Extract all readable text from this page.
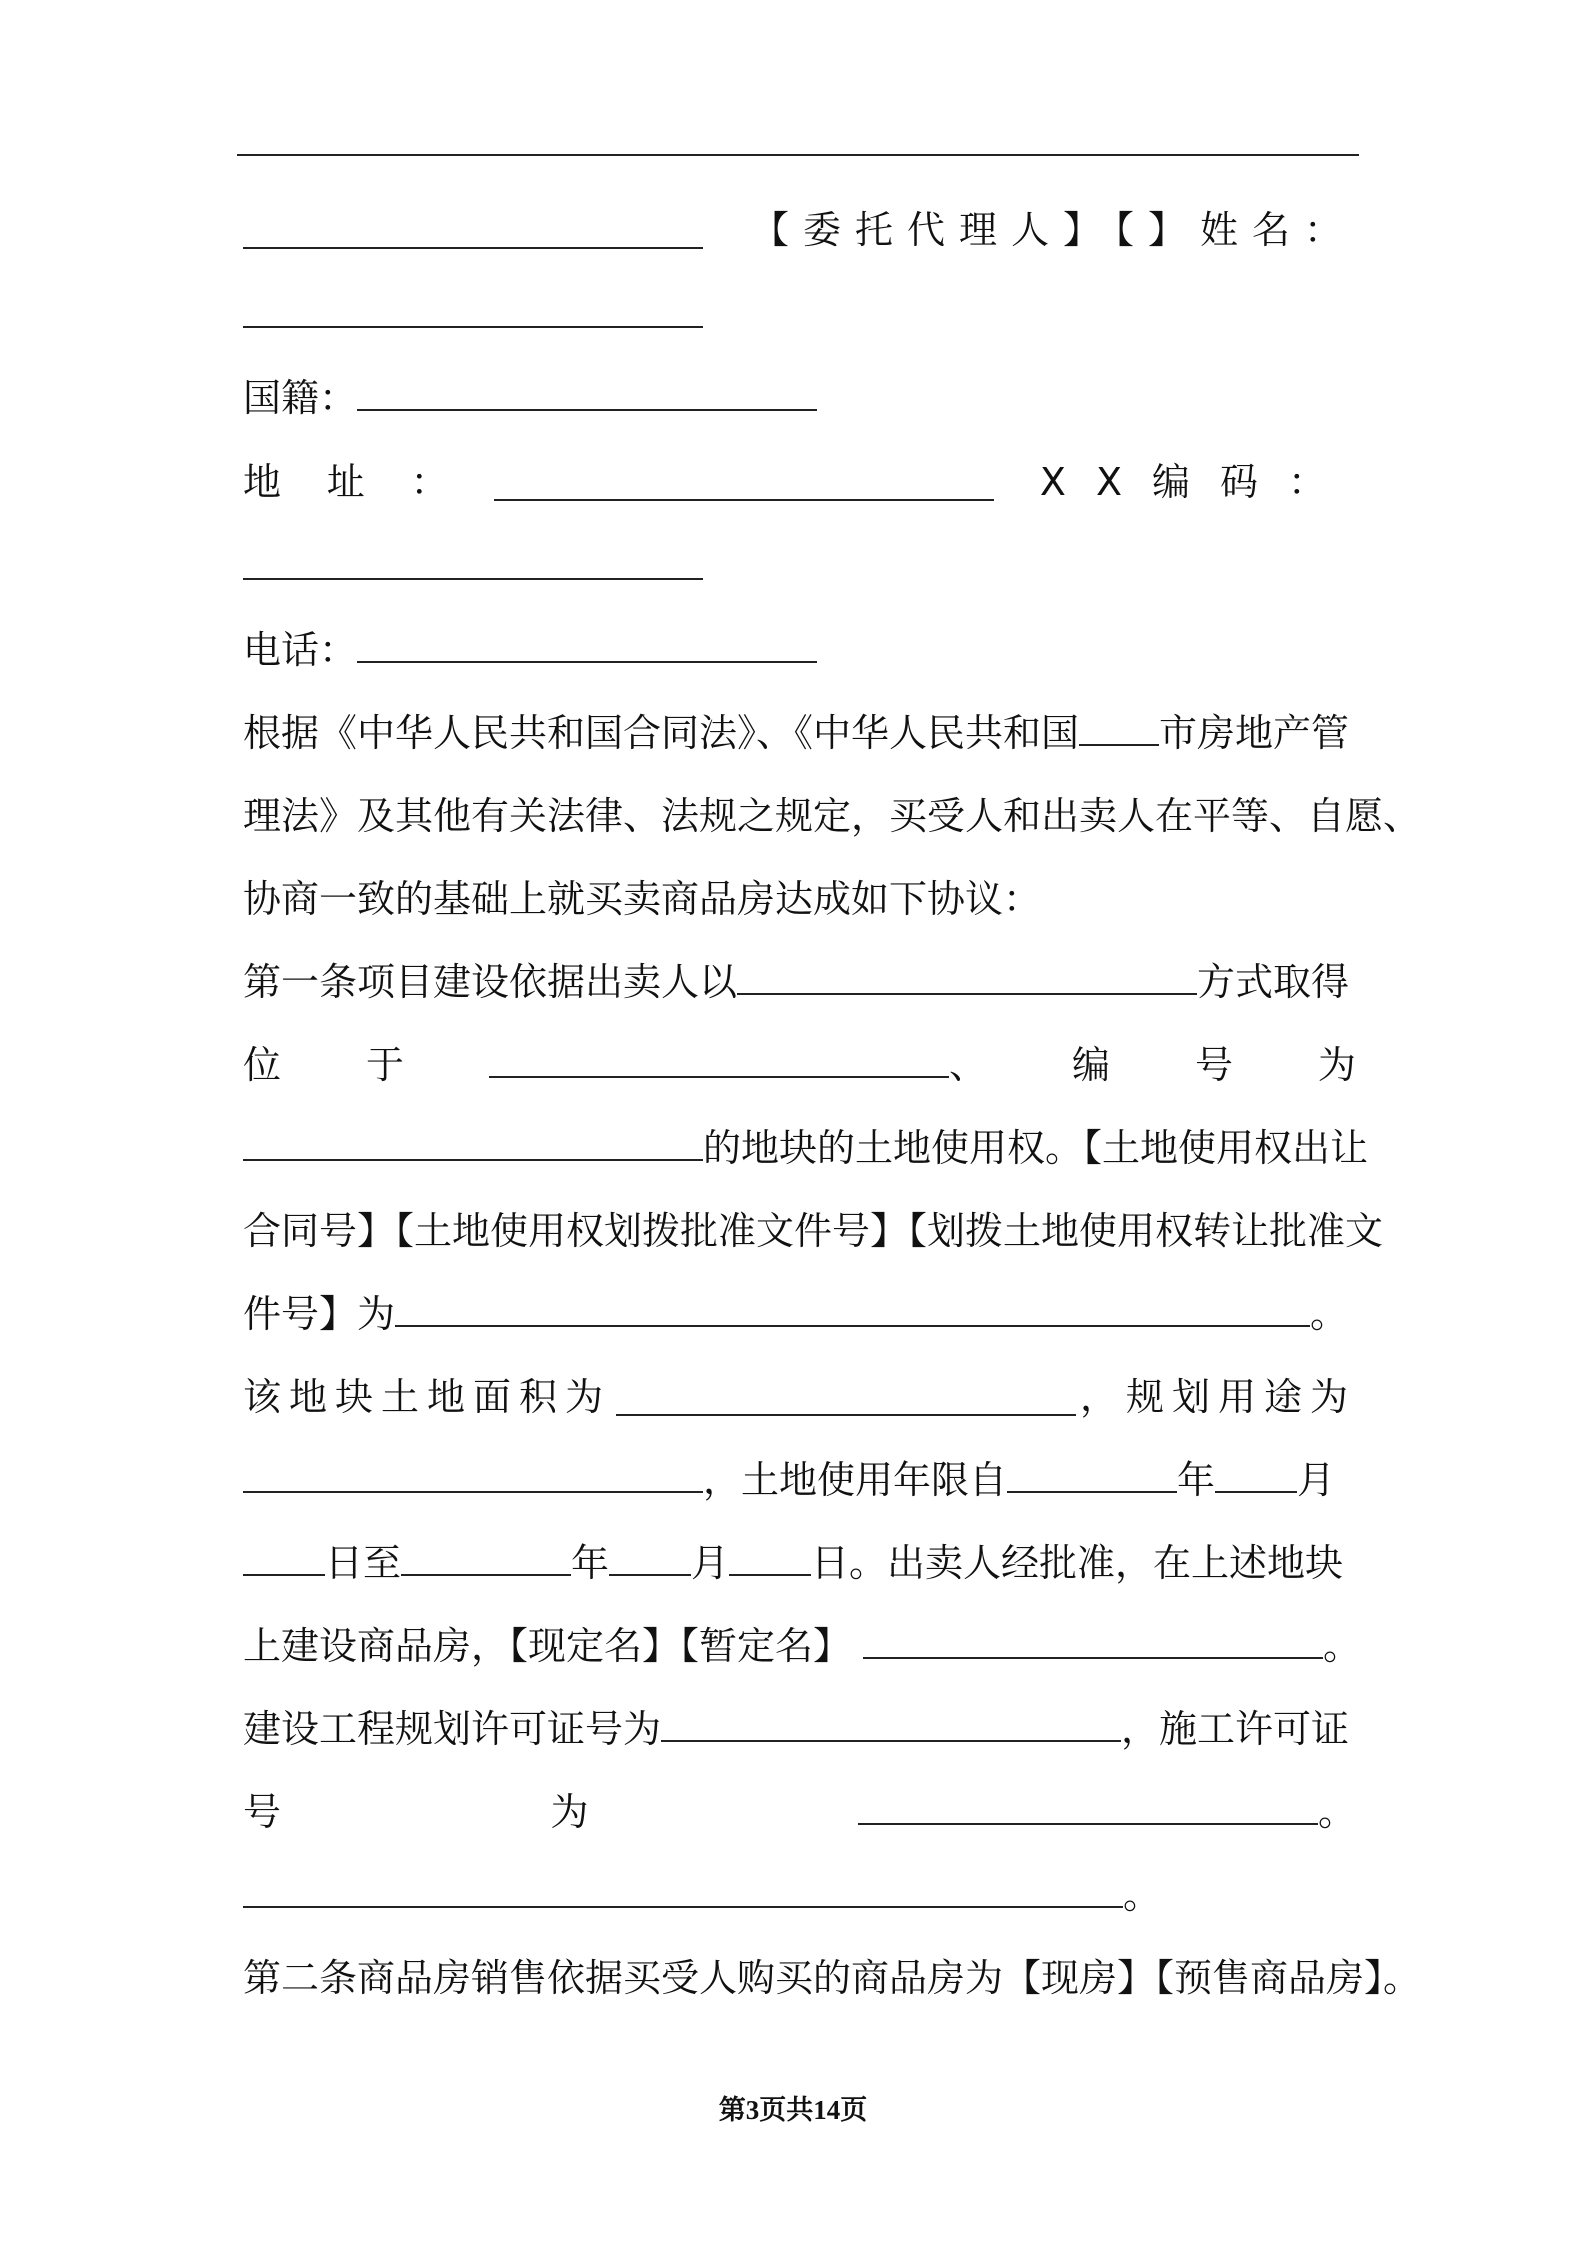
【委托代理人】【】姓名：
国籍：
地 址 ：	XX编码：
电话：
根据《中华人民共和国合同法》、《中华人民共和国 市房地产管
理法》及其他有关法律、法规之规定，买受人和出卖人在平等、自愿、
协商一致的基础上就买卖商品房达成如下协议：
第一条项目建设依据出卖人以	方式取得
位 于	、 编 号 为
的地块的土地使用权。【土地使用权出让
合同号】【土地使用权划拨批准文件号】【划拨土地使用权转让批准文
件号】为	。
该地块土地面积为	，规划用途为
，土地使用年限自	年 月
日至	年 月 日。出卖人经批准，在上述地块
上建设商品房，【现定名】【暂定名】	。
建设工程规划许可证号为	，施工许可证
号	为	。
。
第二条商品房销售依据买受人购买的商品房为【现房】【预售商品房】。
第3页共14页
